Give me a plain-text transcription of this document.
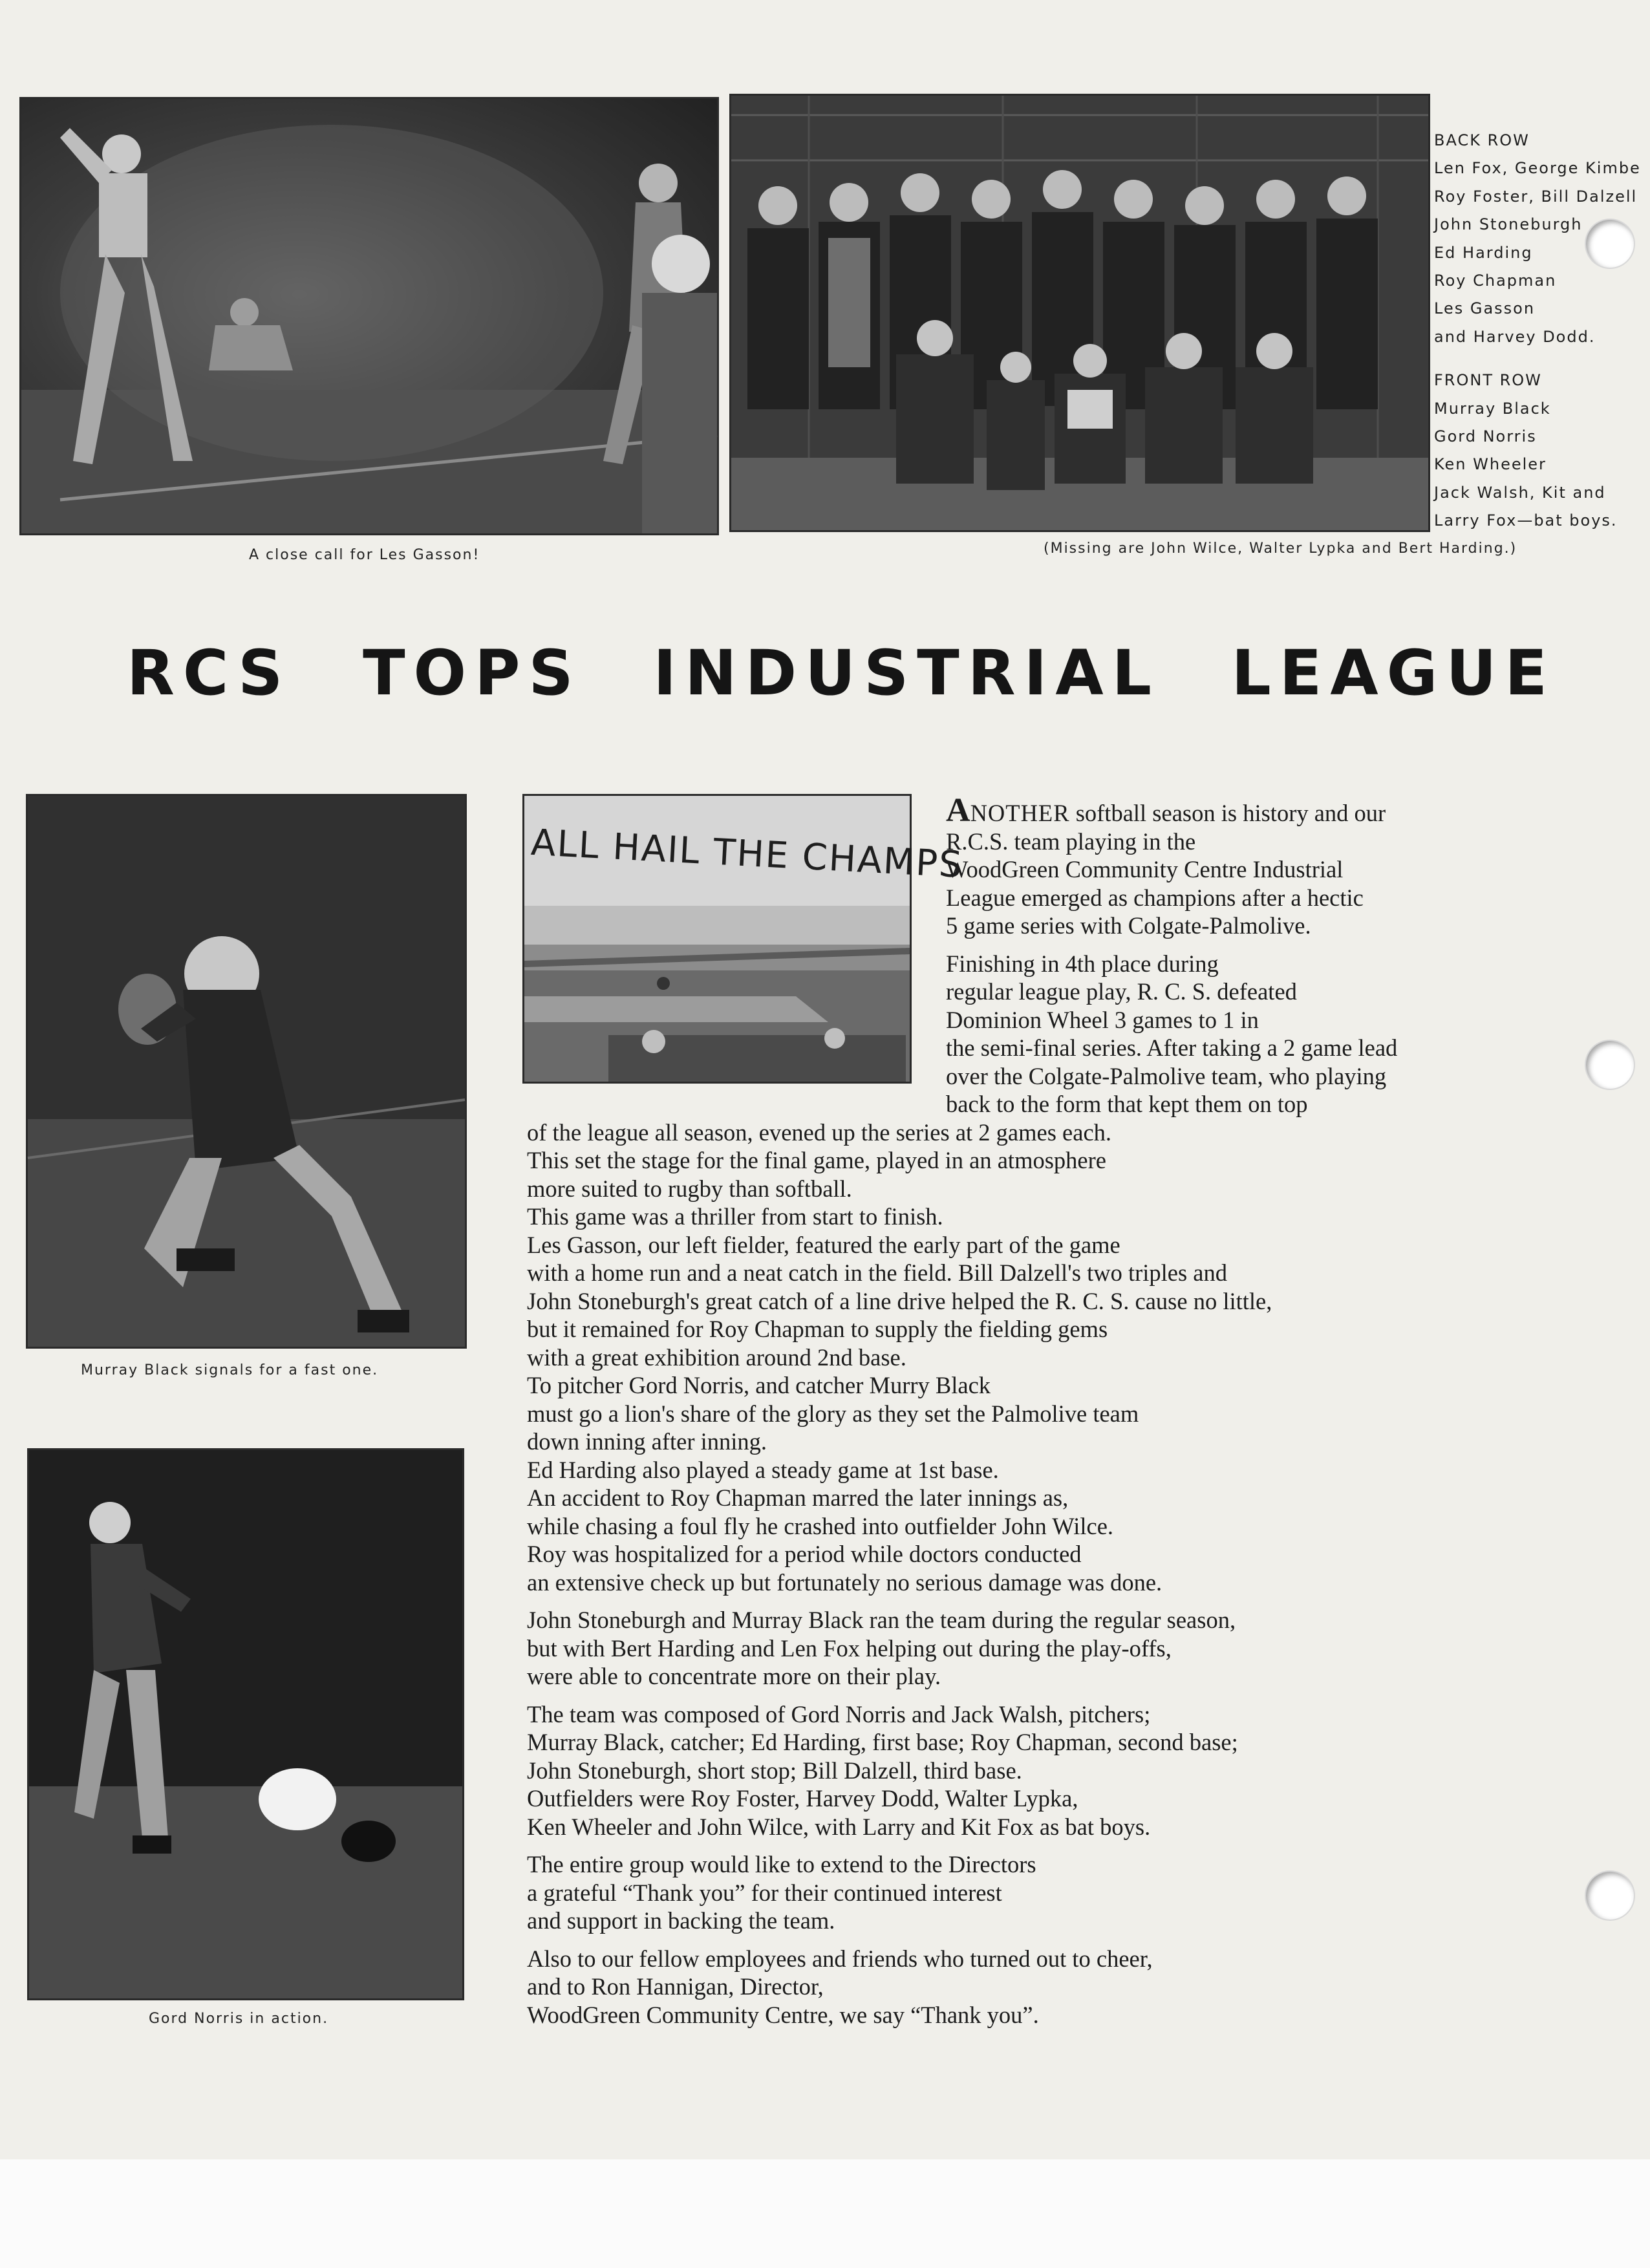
A close call for Les Gasson!	(Missing are John Wilce, Walter Lypka and Bert Harding.)
BACK ROW
Len Fox, George Kimbe
Roy Foster, Bill Dalzell
John Stoneburgh
Ed Harding
Roy Chapman
Les Gasson
and Harvey Dodd.
FRONT ROW
Murray Black
Gord Norris
Ken Wheeler
Jack Walsh, Kit and
Larry Fox—bat boys.
RCS TOPS INDUSTRIAL LEAGUE
Murray Black signals for a fast one.
Gord Norris in action.
ALL HAIL THE CHAMPS
ANOTHER softball season is history and our
R.C.S. team playing in the
WoodGreen Community Centre Industrial
League emerged as champions after a hectic
5 game series with Colgate-Palmolive.
Finishing in 4th place during
regular league play, R. C. S. defeated
Dominion Wheel 3 games to 1 in
the semi-final series. After taking a 2 game lead
over the Colgate-Palmolive team, who playing
back to the form that kept them on top
of the league all season, evened up the series at 2 games each.
This set the stage for the final game, played in an atmosphere
more suited to rugby than softball.
This game was a thriller from start to finish.
Les Gasson, our left fielder, featured the early part of the game
with a home run and a neat catch in the field. Bill Dalzell's two triples and
John Stoneburgh's great catch of a line drive helped the R. C. S. cause no little,
but it remained for Roy Chapman to supply the fielding gems
with a great exhibition around 2nd base.
To pitcher Gord Norris, and catcher Murry Black
must go a lion's share of the glory as they set the Palmolive team
down inning after inning.
Ed Harding also played a steady game at 1st base.
An accident to Roy Chapman marred the later innings as,
while chasing a foul fly he crashed into outfielder John Wilce.
Roy was hospitalized for a period while doctors conducted
an extensive check up but fortunately no serious damage was done.
John Stoneburgh and Murray Black ran the team during the regular season,
but with Bert Harding and Len Fox helping out during the play-offs,
were able to concentrate more on their play.
The team was composed of Gord Norris and Jack Walsh, pitchers;
Murray Black, catcher; Ed Harding, first base; Roy Chapman, second base;
John Stoneburgh, short stop; Bill Dalzell, third base.
Outfielders were Roy Foster, Harvey Dodd, Walter Lypka,
Ken Wheeler and John Wilce, with Larry and Kit Fox as bat boys.
The entire group would like to extend to the Directors
a grateful “Thank you” for their continued interest
and support in backing the team.
Also to our fellow employees and friends who turned out to cheer,
and to Ron Hannigan, Director,
WoodGreen Community Centre, we say “Thank you”.
